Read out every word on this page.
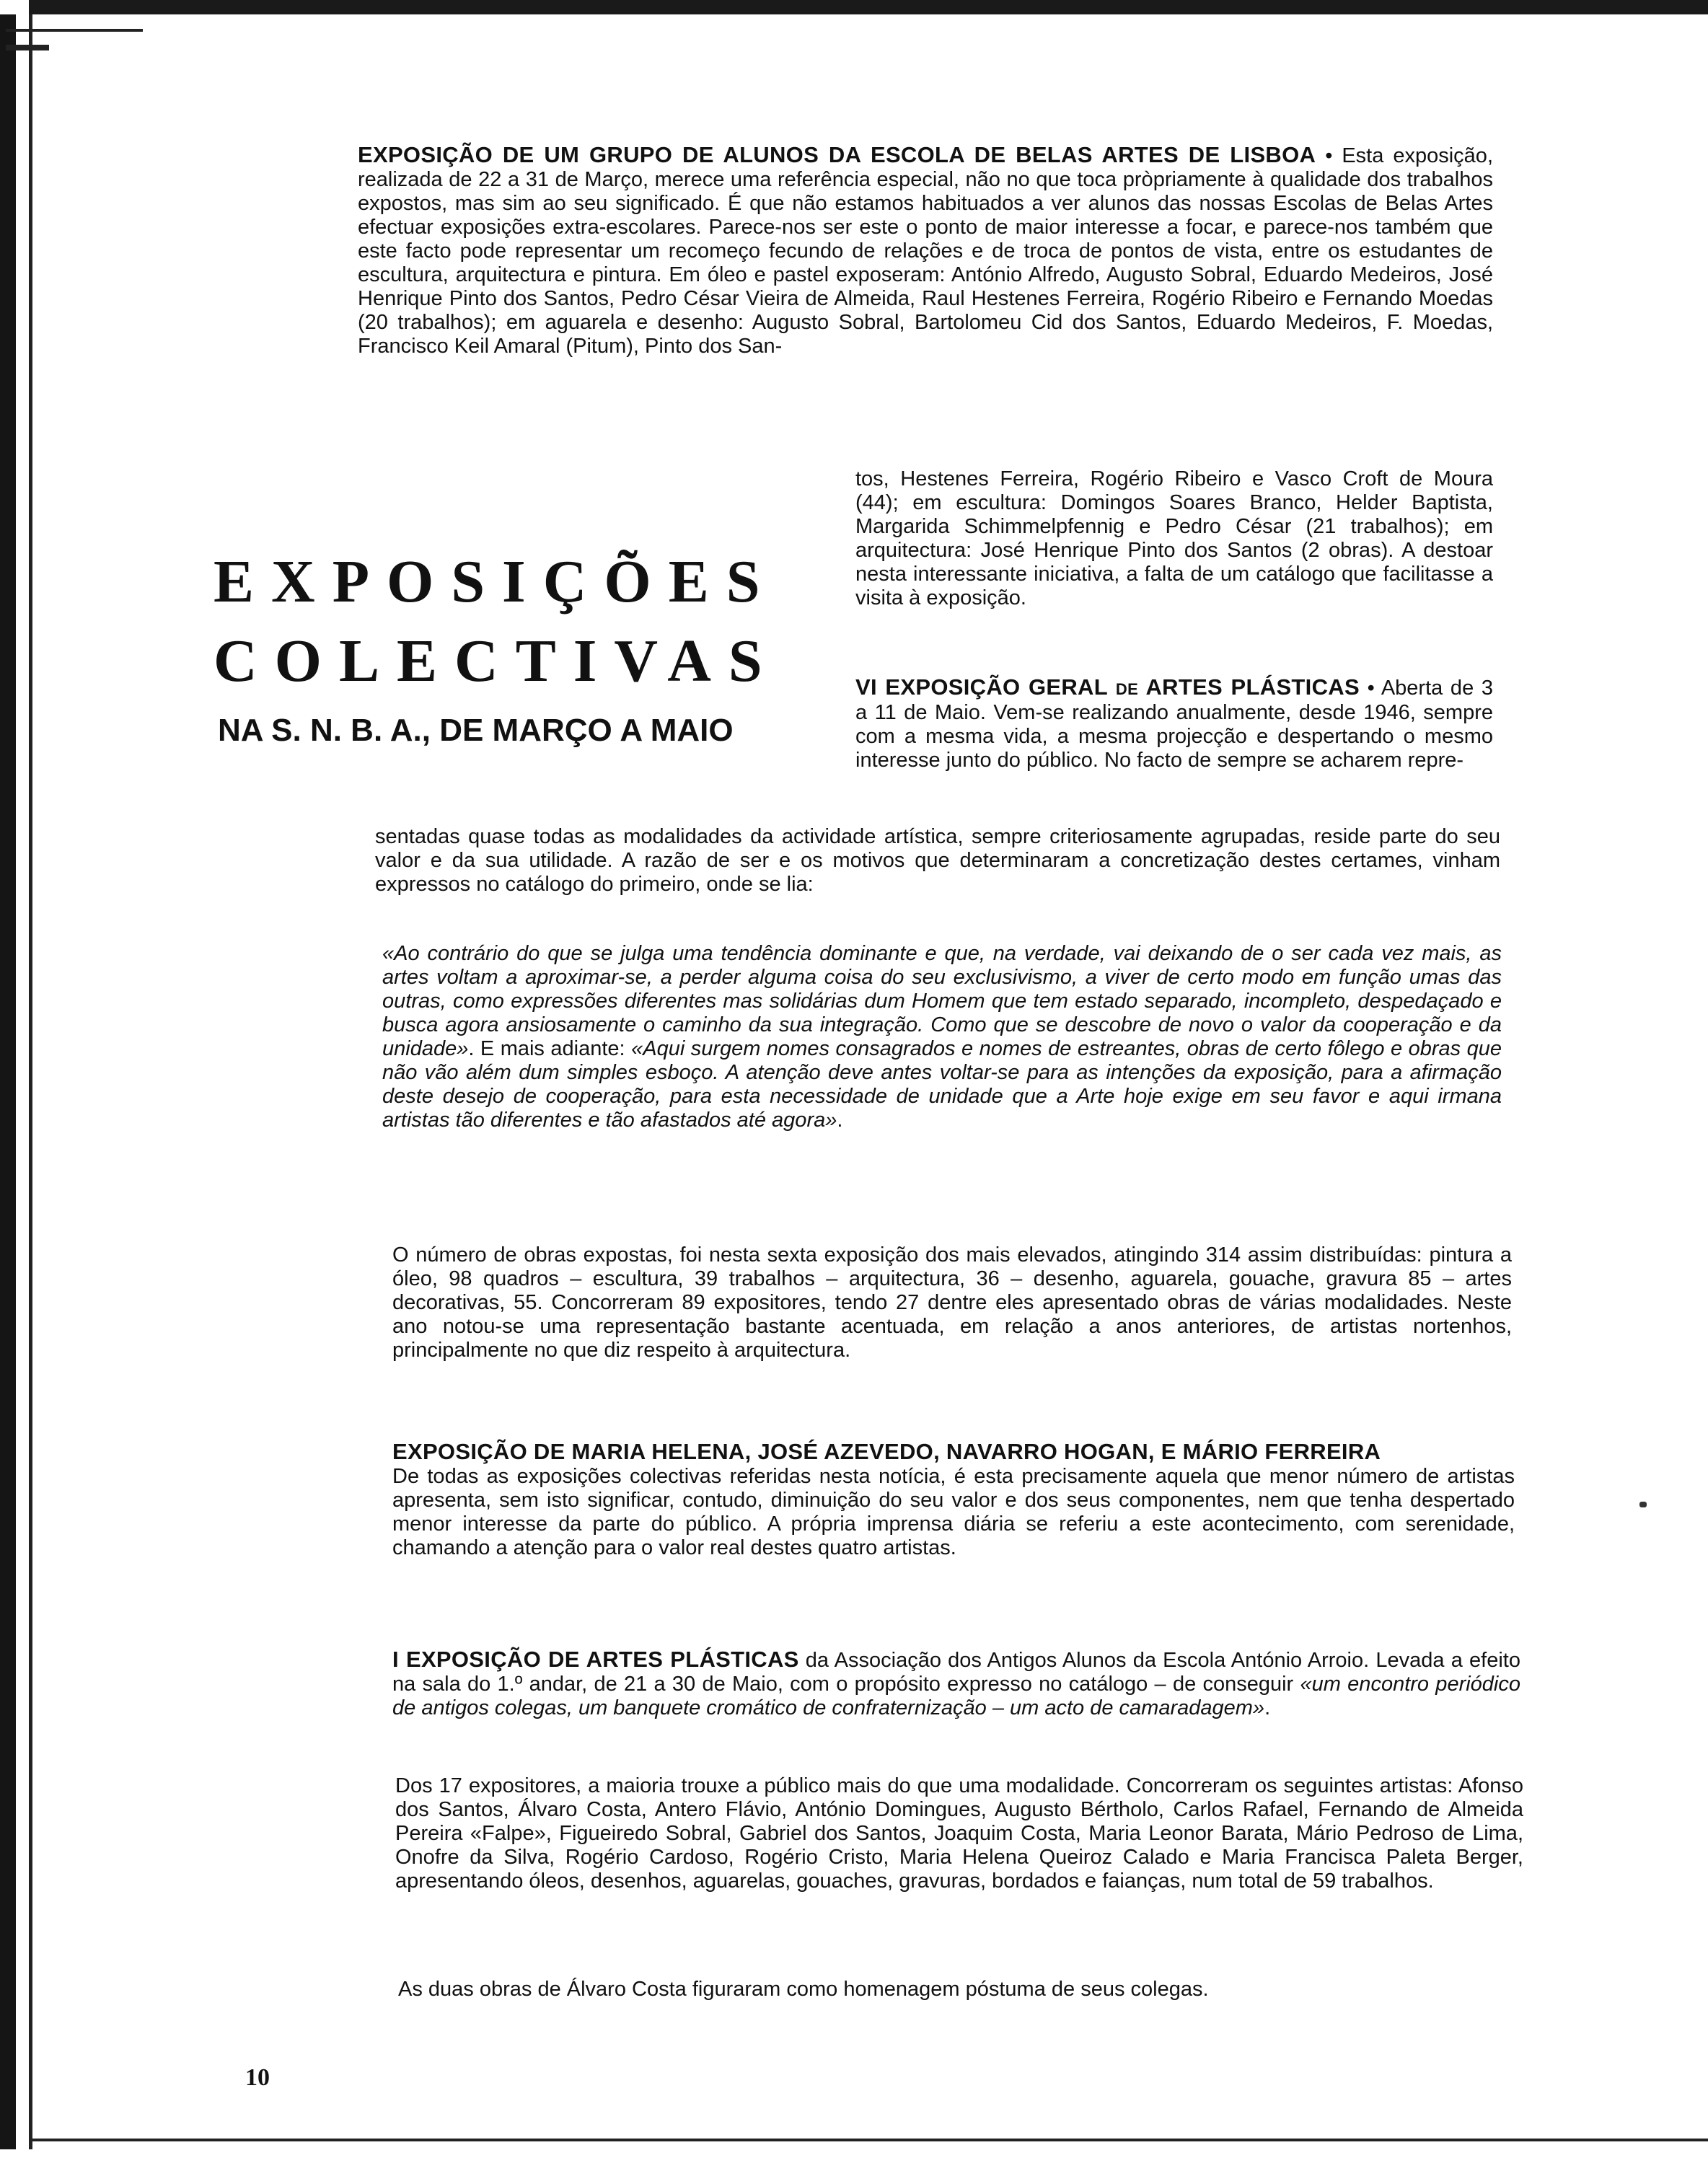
EXPOSIÇÃO DE UM GRUPO DE ALUNOS DA ESCOLA DE BELAS ARTES DE LISBOA • Esta exposição, realizada de 22 a 31 de Março, merece uma referência especial, não no que toca pròpriamente à qualidade dos trabalhos expostos, mas sim ao seu significado. É que não estamos habituados a ver alunos das nossas Escolas de Belas Artes efectuar exposições extra-escolares. Parece-nos ser este o ponto de maior interesse a focar, e parece-nos também que este facto pode representar um recomeço fecundo de relações e de troca de pontos de vista, entre os estudantes de escultura, arquitectura e pintura. Em óleo e pastel exposeram: António Alfredo, Augusto Sobral, Eduardo Medeiros, José Henrique Pinto dos Santos, Pedro César Vieira de Almeida, Raul Hestenes Ferreira, Rogério Ribeiro e Fernando Moedas (20 trabalhos); em aguarela e desenho: Augusto Sobral, Bartolomeu Cid dos Santos, Eduardo Medeiros, F. Moedas, Francisco Keil Amaral (Pitum), Pinto dos San-

EXPOSIÇÕES
COLECTIVAS
NA S. N. B. A., DE MARÇO A MAIO

tos, Hestenes Ferreira, Rogério Ribeiro e Vasco Croft de Moura (44); em escultura: Domingos Soares Branco, Helder Baptista, Margarida Schimmelpfennig e Pedro César (21 trabalhos); em arquitectura: José Henrique Pinto dos Santos (2 obras). A destoar nesta interessante iniciativa, a falta de um catálogo que facilitasse a visita à exposição.

VI EXPOSIÇÃO GERAL DE ARTES PLÁSTICAS • Aberta de 3 a 11 de Maio. Vem-se realizando anualmente, desde 1946, sempre com a mesma vida, a mesma projecção e despertando o mesmo interesse junto do público. No facto de sempre se acharem repre-

sentadas quase todas as modalidades da actividade artística, sempre criteriosamente agrupadas, reside parte do seu valor e da sua utilidade. A razão de ser e os motivos que determinaram a concretização destes certames, vinham expressos no catálogo do primeiro, onde se lia:

«Ao contrário do que se julga uma tendência dominante e que, na verdade, vai deixando de o ser cada vez mais, as artes voltam a aproximar-se, a perder alguma coisa do seu exclusivismo, a viver de certo modo em função umas das outras, como expressões diferentes mas solidárias dum Homem que tem estado separado, incompleto, despedaçado e busca agora ansiosamente o caminho da sua integração. Como que se descobre de novo o valor da cooperação e da unidade». E mais adiante: «Aqui surgem nomes consagrados e nomes de estreantes, obras de certo fôlego e obras que não vão além dum simples esboço. A atenção deve antes voltar-se para as intenções da exposição, para a afirmação deste desejo de cooperação, para esta necessidade de unidade que a Arte hoje exige em seu favor e aqui irmana artistas tão diferentes e tão afastados até agora».

O número de obras expostas, foi nesta sexta exposição dos mais elevados, atingindo 314 assim distribuídas: pintura a óleo, 98 quadros – escultura, 39 trabalhos – arquitectura, 36 – desenho, aguarela, gouache, gravura 85 – artes decorativas, 55. Concorreram 89 expositores, tendo 27 dentre eles apresentado obras de várias modalidades. Neste ano notou-se uma representação bastante acentuada, em relação a anos anteriores, de artistas nortenhos, principalmente no que diz respeito à arquitectura.

EXPOSIÇÃO DE MARIA HELENA, JOSÉ AZEVEDO, NAVARRO HOGAN, E MÁRIO FERREIRA
De todas as exposições colectivas referidas nesta notícia, é esta precisamente aquela que menor número de artistas apresenta, sem isto significar, contudo, diminuição do seu valor e dos seus componentes, nem que tenha despertado menor interesse da parte do público. A própria imprensa diária se referiu a este acontecimento, com serenidade, chamando a atenção para o valor real destes quatro artistas.

I EXPOSIÇÃO DE ARTES PLÁSTICAS da Associação dos Antigos Alunos da Escola António Arroio. Levada a efeito na sala do 1.º andar, de 21 a 30 de Maio, com o propósito expresso no catálogo – de conseguir «um encontro periódico de antigos colegas, um banquete cromático de confraternização – um acto de camaradagem».

Dos 17 expositores, a maioria trouxe a público mais do que uma modalidade. Concorreram os seguintes artistas: Afonso dos Santos, Álvaro Costa, Antero Flávio, António Domingues, Augusto Bértholo, Carlos Rafael, Fernando de Almeida Pereira «Falpe», Figueiredo Sobral, Gabriel dos Santos, Joaquim Costa, Maria Leonor Barata, Mário Pedroso de Lima, Onofre da Silva, Rogério Cardoso, Rogério Cristo, Maria Helena Queiroz Calado e Maria Francisca Paleta Berger, apresentando óleos, desenhos, aguarelas, gouaches, gravuras, bordados e faianças, num total de 59 trabalhos.

As duas obras de Álvaro Costa figuraram como homenagem póstuma de seus colegas.

10
